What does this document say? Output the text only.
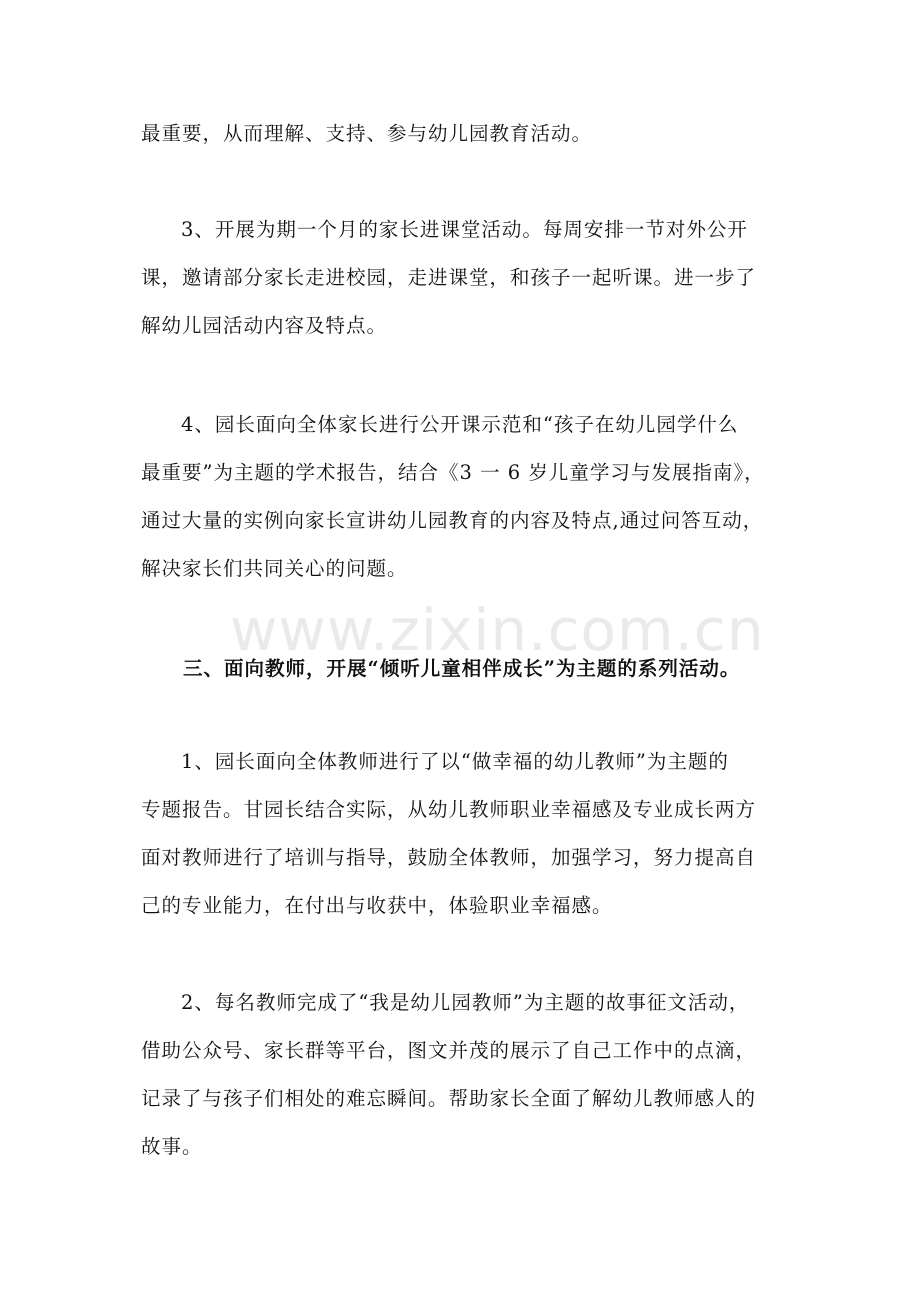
最重要，从而理解、支持、参与幼儿园教育活动。

3、开展为期一个月的家长进课堂活动。每周安排一节对外公开
课，邀请部分家长走进校园，走进课堂，和孩子一起听课。进一步了
解幼儿园活动内容及特点。

4、园长面向全体家长进行公开课示范和“孩子在幼儿园学什么
最重要”为主题的学术报告，结合《3 一 6 岁儿童学习与发展指南》，
通过大量的实例向家长宣讲幼儿园教育的内容及特点,通过问答互动，
解决家长们共同关心的问题。

三、面向教师，开展“倾听儿童相伴成长”为主题的系列活动。

1、园长面向全体教师进行了以“做幸福的幼儿教师”为主题的
专题报告。甘园长结合实际，从幼儿教师职业幸福感及专业成长两方
面对教师进行了培训与指导，鼓励全体教师，加强学习，努力提高自
己的专业能力，在付出与收获中，体验职业幸福感。

2、每名教师完成了“我是幼儿园教师”为主题的故事征文活动，
借助公众号、家长群等平台，图文并茂的展示了自己工作中的点滴，
记录了与孩子们相处的难忘瞬间。帮助家长全面了解幼儿教师感人的
故事。

www.zixin.com.cn
